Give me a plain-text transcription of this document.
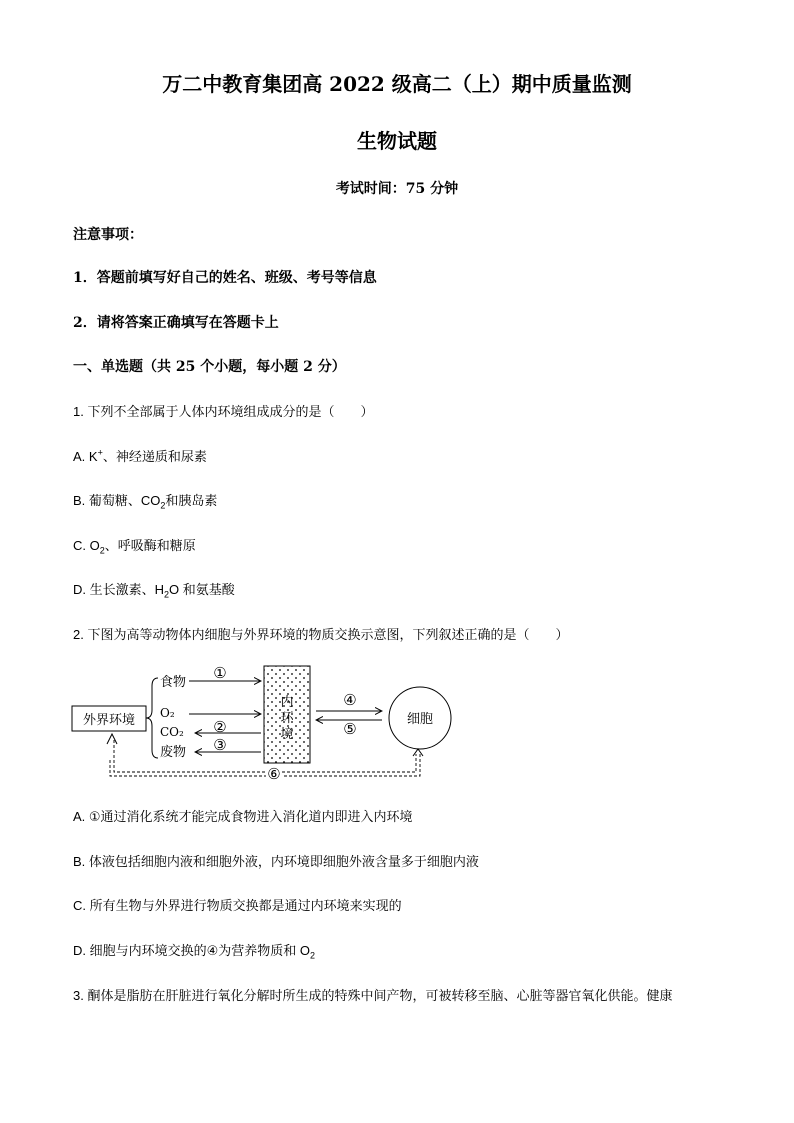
万二中教育集团高 2022 级高二（上）期中质量监测
生物试题
考试时间：75 分钟
注意事项：
1．答题前填写好自己的姓名、班级、考号等信息
2．请将答案正确填写在答题卡上
一、单选题（共 25 个小题，每小题 2 分）
1. 下列不全部属于人体内环境组成成分的是（　　）
A. K+、神经递质和尿素
B. 葡萄糖、$CO_2$和胰岛素
C. $O_2$、呼吸酶和糖原
D. 生长激素、$H_2O$ 和氨基酸
2. 下图为高等动物体内细胞与外界环境的物质交换示意图，下列叙述正确的是（　　）
外界环境
食物
O₂
CO₂
废物
①
②
③
内
环
境
④
⑤
细胞
⑥
A. ①通过消化系统才能完成食物进入消化道内即进入内环境
B. 体液包括细胞内液和细胞外液，内环境即细胞外液含量多于细胞内液
C. 所有生物与外界进行物质交换都是通过内环境来实现的
D. 细胞与内环境交换的④为营养物质和 $O_2$
3. 酮体是脂肪在肝脏进行氧化分解时所生成的特殊中间产物，可被转移至脑、心脏等器官氧化供能。健康
